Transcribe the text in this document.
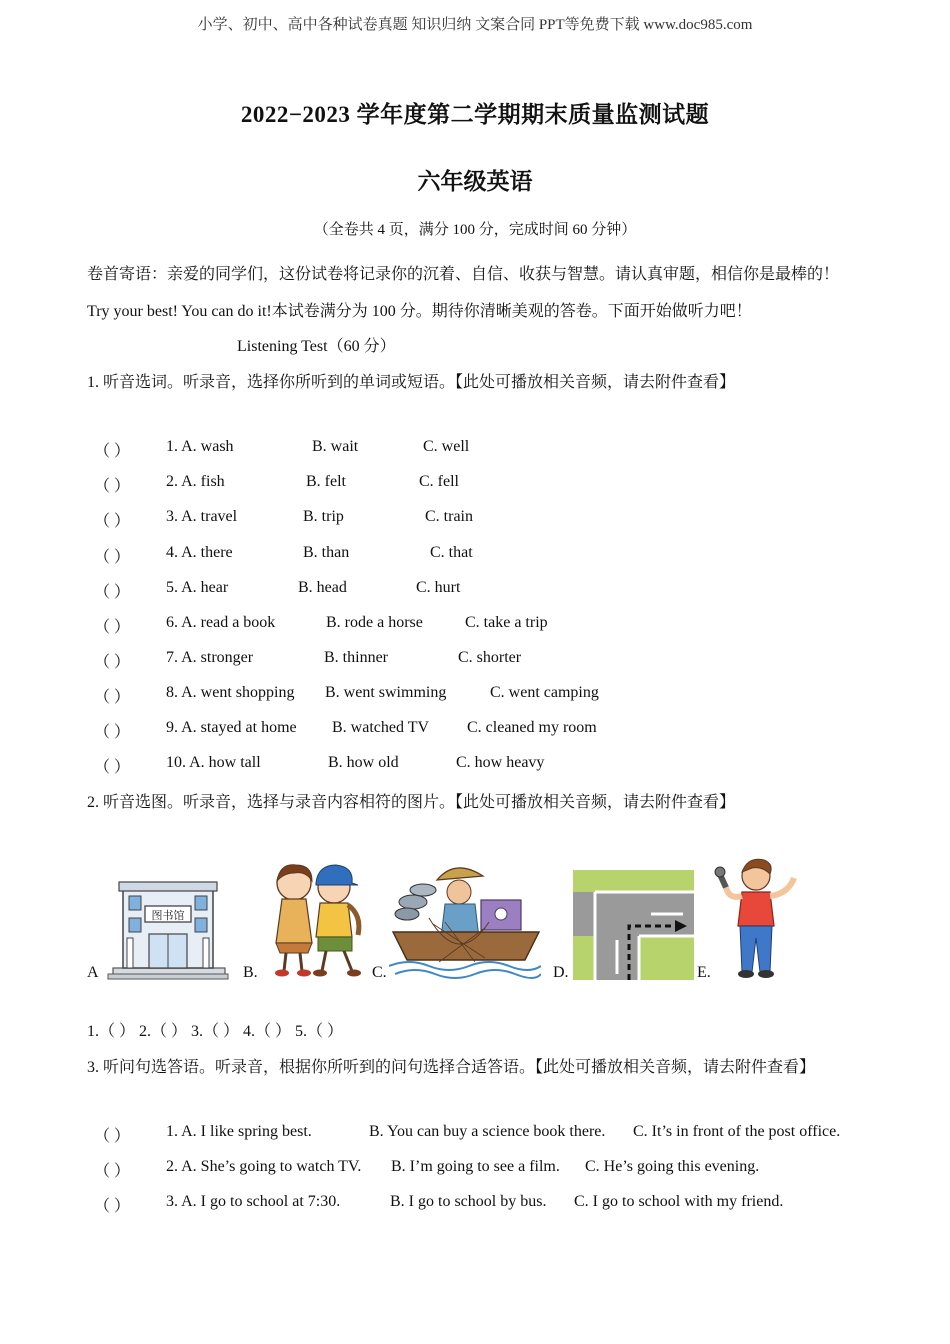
小学、初中、高中各种试卷真题 知识归纳 文案合同 PPT等免费下载 www.doc985.com
2022−2023 学年度第二学期期末质量监测试题
六年级英语
（全卷共 4 页，满分 100 分，完成时间 60 分钟）
卷首寄语：亲爱的同学们，这份试卷将记录你的沉着、自信、收获与智慧。请认真审题，相信你是最棒的！
Try your best! You can do it!本试卷满分为 100 分。期待你清晰美观的答卷。下面开始做听力吧！
Listening Test（60 分）
1. 听音选词。听录音，选择你所听到的单词或短语。【此处可播放相关音频，请去附件查看】
（ ） 1. A. wash	B. wait	C. well
（ ） 2. A. fish	B. felt	C. fell
（ ） 3. A. travel	B. trip	C. train
（ ） 4. A. there	B. than	C. that
（ ） 5. A. hear	B. head	C. hurt
（ ） 6. A. read a book	B. rode a horse	C. take a trip
（ ） 7. A. stronger	B. thinner	C. shorter
（ ） 8. A. went shopping B. went swimming	C. went camping
（ ） 9. A. stayed at home B. watched TV C. cleaned my room
（ ） 10. A. how tall	B. how old	C. how heavy
2. 听音选图。听录音，选择与录音内容相符的图片。【此处可播放相关音频，请去附件查看】
A
图书馆
B.	C.	D.	E.
1.（ ） 2.（ ） 3.（ ） 4.（ ） 5.（ ）
3. 听问句选答语。听录音，根据你所听到的问句选择合适答语。【此处可播放相关音频，请去附件查看】
（ ） 1. A. I like spring best.	B. You can buy a science book there. C. It’s in front of the post office.
（ ） 2. A. She’s going to watch TV. B. I’m going to see a film. C. He’s going this evening.
（ ） 3. A. I go to school at 7:30.	B. I go to school by bus. C. I go to school with my friend.
